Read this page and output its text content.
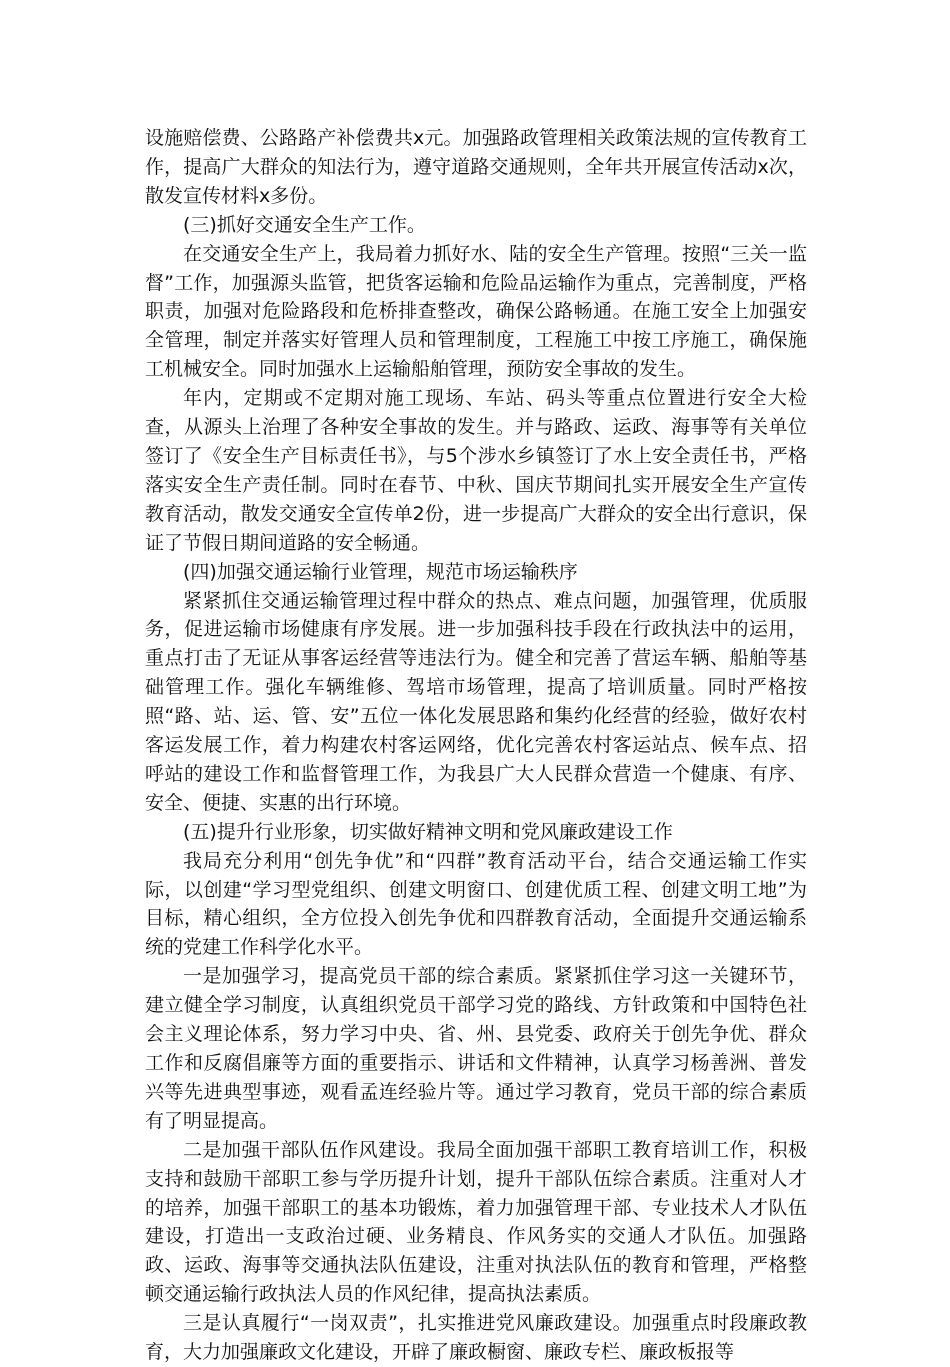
设施赔偿费、公路路产补偿费共x元。加强路政管理相关政策法规的宣传教育工作，提高广大群众的知法行为，遵守道路交通规则，全年共开展宣传活动x次，散发宣传材料x多份。

(三)抓好交通安全生产工作。

在交通安全生产上，我局着力抓好水、陆的安全生产管理。按照“三关一监督”工作，加强源头监管，把货客运输和危险品运输作为重点，完善制度，严格职责，加强对危险路段和危桥排查整改，确保公路畅通。在施工安全上加强安全管理，制定并落实好管理人员和管理制度，工程施工中按工序施工，确保施工机械安全。同时加强水上运输船舶管理，预防安全事故的发生。

年内，定期或不定期对施工现场、车站、码头等重点位置进行安全大检查，从源头上治理了各种安全事故的发生。并与路政、运政、海事等有关单位签订了《安全生产目标责任书》，与5个涉水乡镇签订了水上安全责任书，严格落实安全生产责任制。同时在春节、中秋、国庆节期间扎实开展安全生产宣传教育活动，散发交通安全宣传单2份，进一步提高广大群众的安全出行意识，保证了节假日期间道路的安全畅通。

(四)加强交通运输行业管理，规范市场运输秩序

紧紧抓住交通运输管理过程中群众的热点、难点问题，加强管理，优质服务，促进运输市场健康有序发展。进一步加强科技手段在行政执法中的运用，重点打击了无证从事客运经营等违法行为。健全和完善了营运车辆、船舶等基础管理工作。强化车辆维修、驾培市场管理，提高了培训质量。同时严格按照“路、站、运、管、安”五位一体化发展思路和集约化经营的经验，做好农村客运发展工作，着力构建农村客运网络，优化完善农村客运站点、候车点、招呼站的建设工作和监督管理工作，为我县广大人民群众营造一个健康、有序、安全、便捷、实惠的出行环境。

(五)提升行业形象，切实做好精神文明和党风廉政建设工作

我局充分利用“创先争优”和“四群”教育活动平台，结合交通运输工作实际，以创建“学习型党组织、创建文明窗口、创建优质工程、创建文明工地”为目标，精心组织，全方位投入创先争优和四群教育活动，全面提升交通运输系统的党建工作科学化水平。

一是加强学习，提高党员干部的综合素质。紧紧抓住学习这一关键环节，建立健全学习制度，认真组织党员干部学习党的路线、方针政策和中国特色社会主义理论体系，努力学习中央、省、州、县党委、政府关于创先争优、群众工作和反腐倡廉等方面的重要指示、讲话和文件精神，认真学习杨善洲、普发兴等先进典型事迹，观看孟连经验片等。通过学习教育，党员干部的综合素质有了明显提高。

二是加强干部队伍作风建设。我局全面加强干部职工教育培训工作，积极支持和鼓励干部职工参与学历提升计划，提升干部队伍综合素质。注重对人才的培养，加强干部职工的基本功锻炼，着力加强管理干部、专业技术人才队伍建设，打造出一支政治过硬、业务精良、作风务实的交通人才队伍。加强路政、运政、海事等交通执法队伍建设，注重对执法队伍的教育和管理，严格整顿交通运输行政执法人员的作风纪律，提高执法素质。

三是认真履行“一岗双责”，扎实推进党风廉政建设。加强重点时段廉政教育，大力加强廉政文化建设，开辟了廉政橱窗、廉政专栏、廉政板报等
